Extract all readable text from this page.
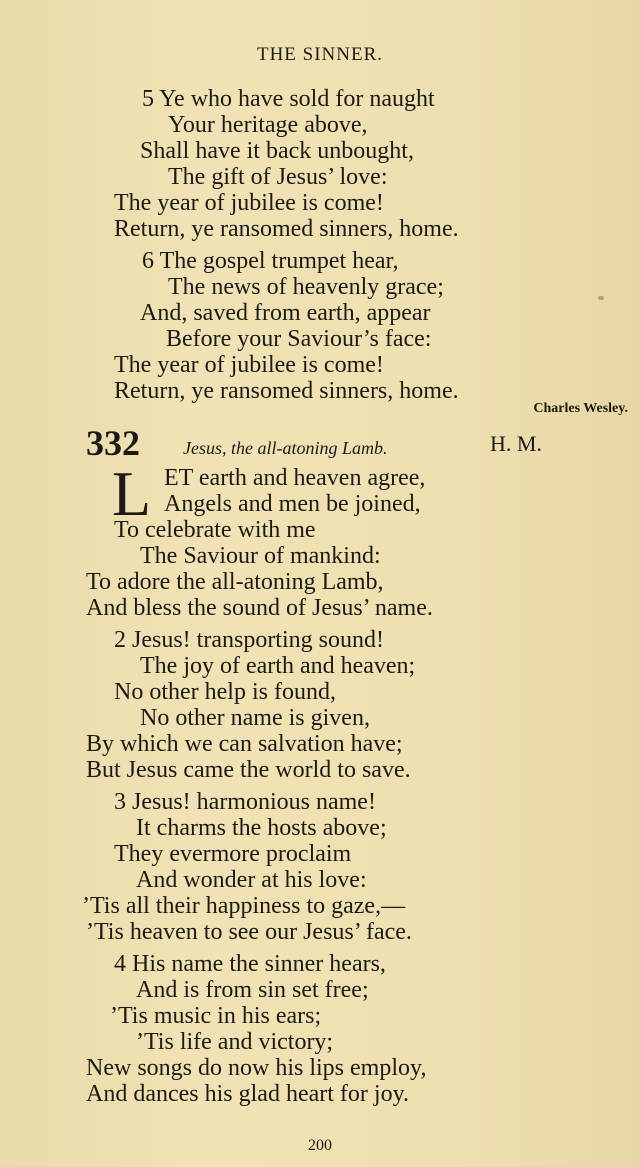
THE SINNER.
5 Ye who have sold for naught
Your heritage above,
Shall have it back unbought,
The gift of Jesus’ love:
The year of jubilee is come!
Return, ye ransomed sinners, home.
6 The gospel trumpet hear,
The news of heavenly grace;
And, saved from earth, appear
Before your Saviour’s face:
The year of jubilee is come!
Return, ye ransomed sinners, home.
Charles Wesley.
332 Jesus, the all-atoning Lamb.	H. M.
L ET earth and heaven agree,
Angels and men be joined,
To celebrate with me
The Saviour of mankind:
To adore the all-atoning Lamb,
And bless the sound of Jesus’ name.
2 Jesus! transporting sound!
The joy of earth and heaven;
No other help is found,
No other name is given,
By which we can salvation have;
But Jesus came the world to save.
3 Jesus! harmonious name!
It charms the hosts above;
They evermore proclaim
And wonder at his love:
’Tis all their happiness to gaze,—
’Tis heaven to see our Jesus’ face.
4 His name the sinner hears,
And is from sin set free;
’Tis music in his ears;
’Tis life and victory;
New songs do now his lips employ,
And dances his glad heart for joy.
200
